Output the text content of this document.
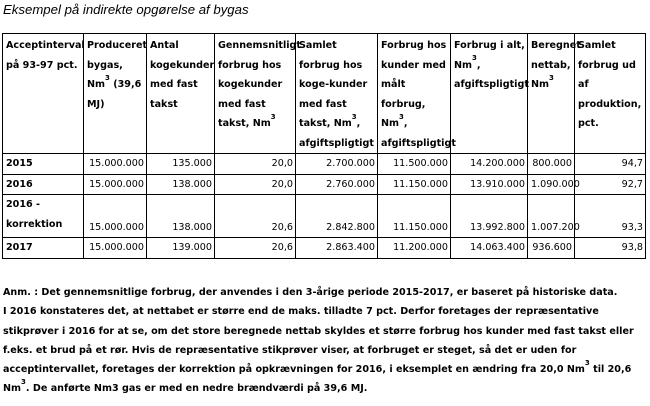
Eksempel på indirekte opgørelse af bygas
Acceptinterval på 93-97 pct.	Produceret bygas, Nm$^3$ (39,6 MJ)	Antal kogekunder med fast takst	Gennemsnitligt forbrug hos kogekunder med fast takst, Nm$^3$	Samlet forbrug hos koge-kunder med fast takst, Nm$^3$, afgiftspligtigt	Forbrug hos kunder med målt forbrug, Nm$^3$, afgiftspligtigt	Forbrug i alt, Nm$^3$, afgiftspligtigt	Beregnet nettab, Nm$^3$	Samlet forbrug ud af produktion, pct.
2015	15.000.000	135.000	20,0	2.700.000	11.500.000	14.200.000	800.000	94,7
2016	15.000.000	138.000	20,0	2.760.000	11.150.000	13.910.000	1.090.000	92,7
2016 -korrektion	15.000.000	138.000	20,6	2.842.800	11.150.000	13.992.800	1.007.200	93,3
2017	15.000.000	139.000	20,6	2.863.400	11.200.000	14.063.400	936.600	93,8

Anm. : Det gennemsnitlige forbrug, der anvendes i den 3-årige periode 2015-2017, er baseret på historiske data.

I 2016 konstateres det, at nettabet er større end de maks. tilladte 7 pct. Derfor foretages der repræsentative stikprøver i 2016 for at se, om det store beregnede nettab skyldes et større forbrug hos kunder med fast takst eller f.eks. et brud på et rør. Hvis de repræsentative stikprøver viser, at forbruget er steget, så det er uden for acceptintervallet, foretages der korrektion på opkrævningen for 2016, i eksemplet en ændring fra 20,0 Nm$^3$ til 20,6 Nm$^3$. De anførte Nm3 gas er med en nedre brændværdi på 39,6 MJ.
